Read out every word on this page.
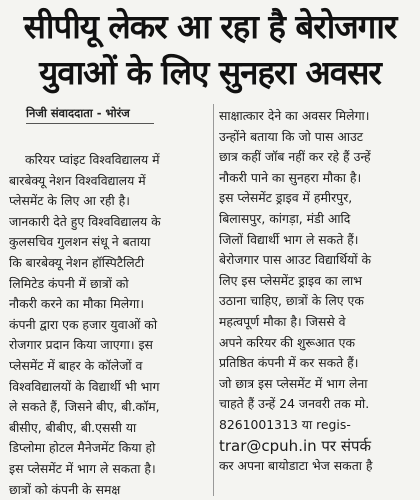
सीपीयू लेकर आ रहा है बेरोजगार
युवाओं के लिए सुनहरा अवसर
निजी संवाददाता - भोरंज
करियर प्वांइट विश्वविद्यालय में
बारबेक्यू नेशन विश्वविद्यालय में
प्लेसमेंट के लिए आ रही है।
जानकारी देते हुए विश्वविद्यालय के
कुलसचिव गुलशन संधू ने बताया
कि बारबेक्यू नेशन हॉस्पिटैलिटी
लिमिटेड कंपनी में छात्रों को
नौकरी करने का मौका मिलेगा।
कंपनी द्वारा एक हजार युवाओं को
रोजगार प्रदान किया जाएगा। इस
प्लेसमेंट में बाहर के कॉलेजों व
विश्वविद्यालयों के विद्यार्थी भी भाग
ले सकते हैं, जिसने बीए, बी.कॉम,
बीसीए, बीबीए, बी.एससी या
डिप्लोमा होटल मैनेजमेंट किया हो
इस प्लेसमेंट में भाग ले सकता है।
छात्रों को कंपनी के समक्ष
साक्षात्कार देने का अवसर मिलेगा।
उन्होंने बताया कि जो पास आउट
छात्र कहीं जॉब नहीं कर रहे हैं उन्हें
नौकरी पाने का सुनहरा मौका है।
इस प्लेसमेंट ड्राइव में हमीरपुर,
बिलासपुर, कांगड़ा, मंडी आदि
जिलों विद्यार्थी भाग ले सकते हैं।
बेरोजगार पास आउट विद्यार्थियों के
लिए इस प्लेसमेंट ड्राइव का लाभ
उठाना चाहिए, छात्रों के लिए एक
महत्वपूर्ण मौका है। जिससे वे
अपने करियर की शुरूआत एक
प्रतिष्ठित कंपनी में कर सकते हैं।
जो छात्र इस प्लेसमेंट में भाग लेना
चाहते हैं उन्हें 24 जनवरी तक मो.
8261001313 या regis-
trar@cpuh.in पर संपर्क
कर अपना बायोडाटा भेज सकता है
